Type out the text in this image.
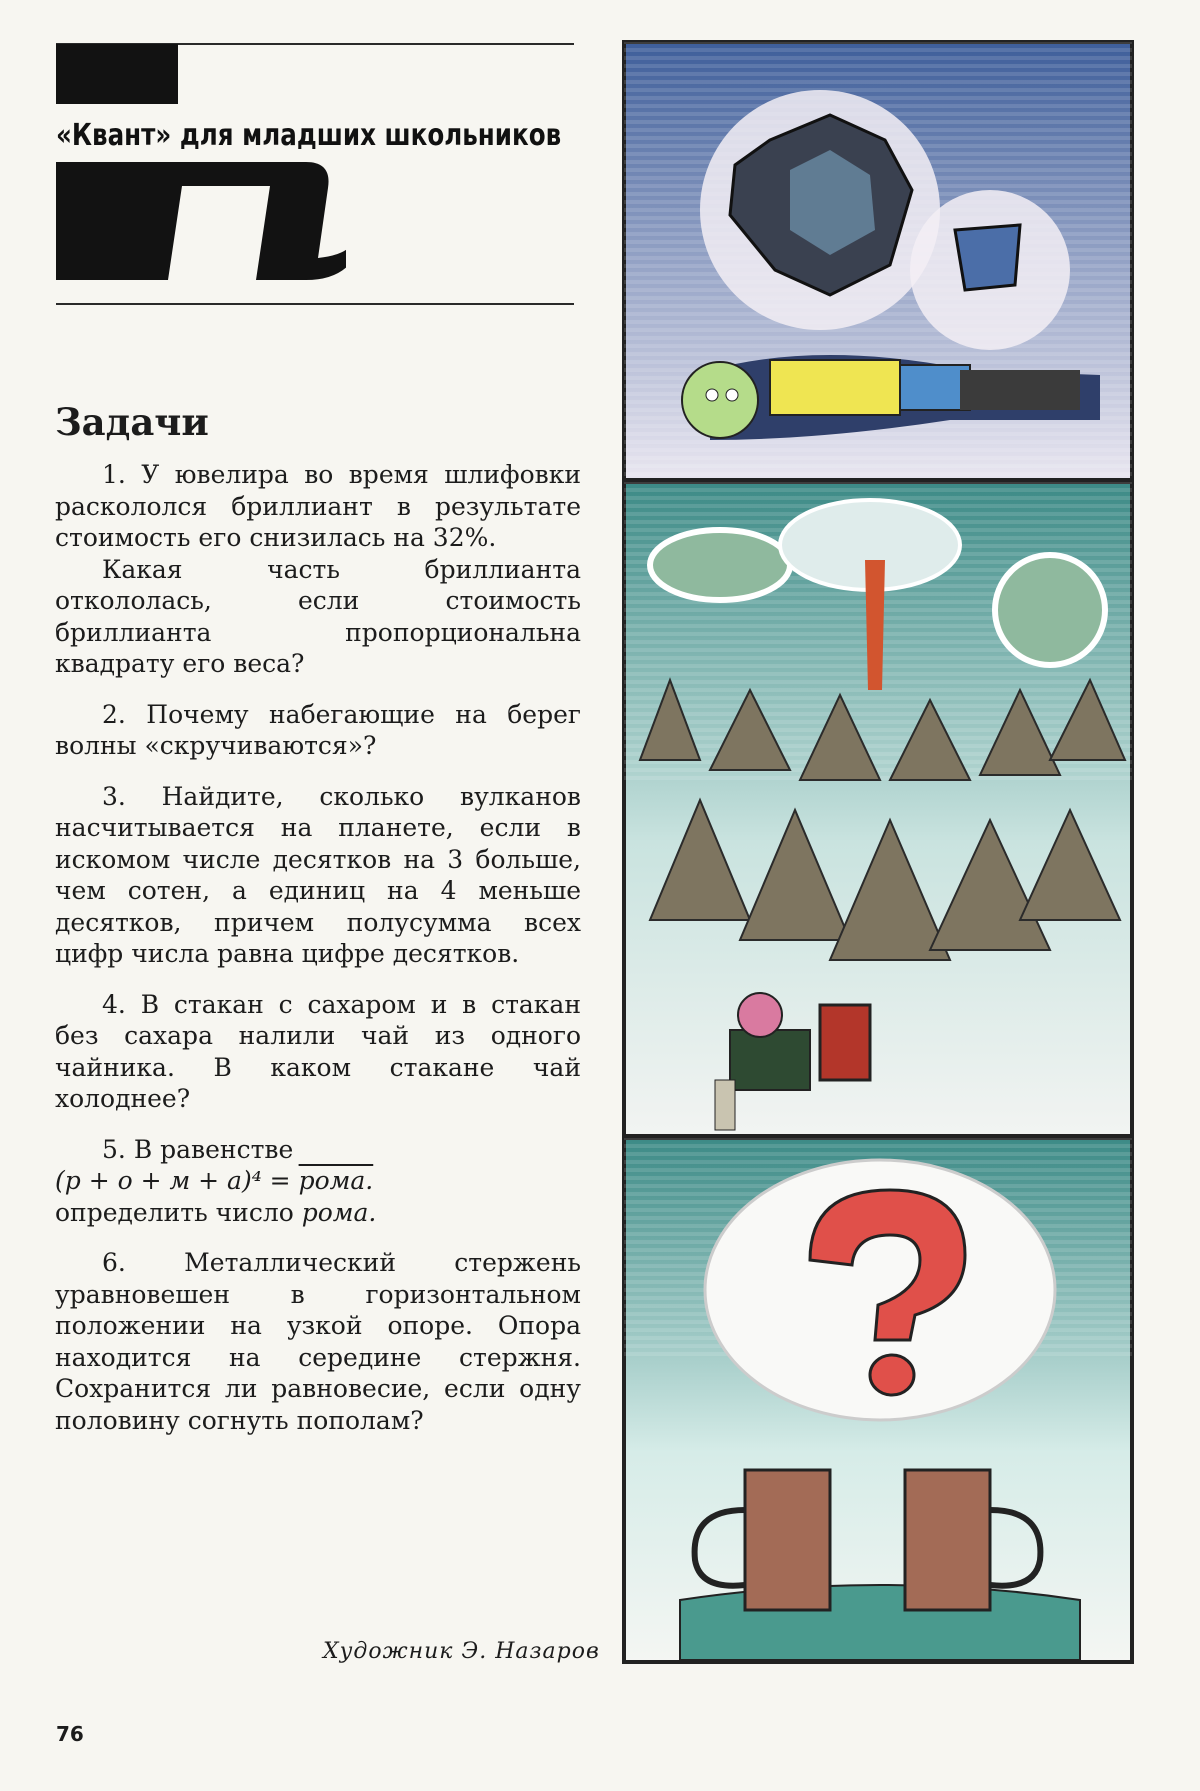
«Квант» для младших школьников
Задачи

1. У ювелира во время шлифовки раскололся бриллиант в результате стоимость его снизилась на 32%.

Какая часть бриллианта откололась, если стоимость бриллианта пропорциональна квадрату его веса?

2. Почему набегающие на берег волны «скручиваются»?

3. Найдите, сколько вулканов насчитывается на планете, если в искомом числе десятков на 3 больше, чем сотен, а единиц на 4 меньше десятков, причем полусумма всех цифр числа равна цифре десятков.

4. В стакан с сахаром и в стакан без сахара налили чай из одного чайника. В каком стакане чай холоднее?

5. В равенстве

(р + о + м + а)⁴ = рома.

определить число рома.

6. Металлический стержень уравновешен в горизонтальном положении на узкой опоре. Опора находится на середине стержня. Сохранится ли равновесие, если одну половину согнуть пополам?

Художник Э. Назаров
76
